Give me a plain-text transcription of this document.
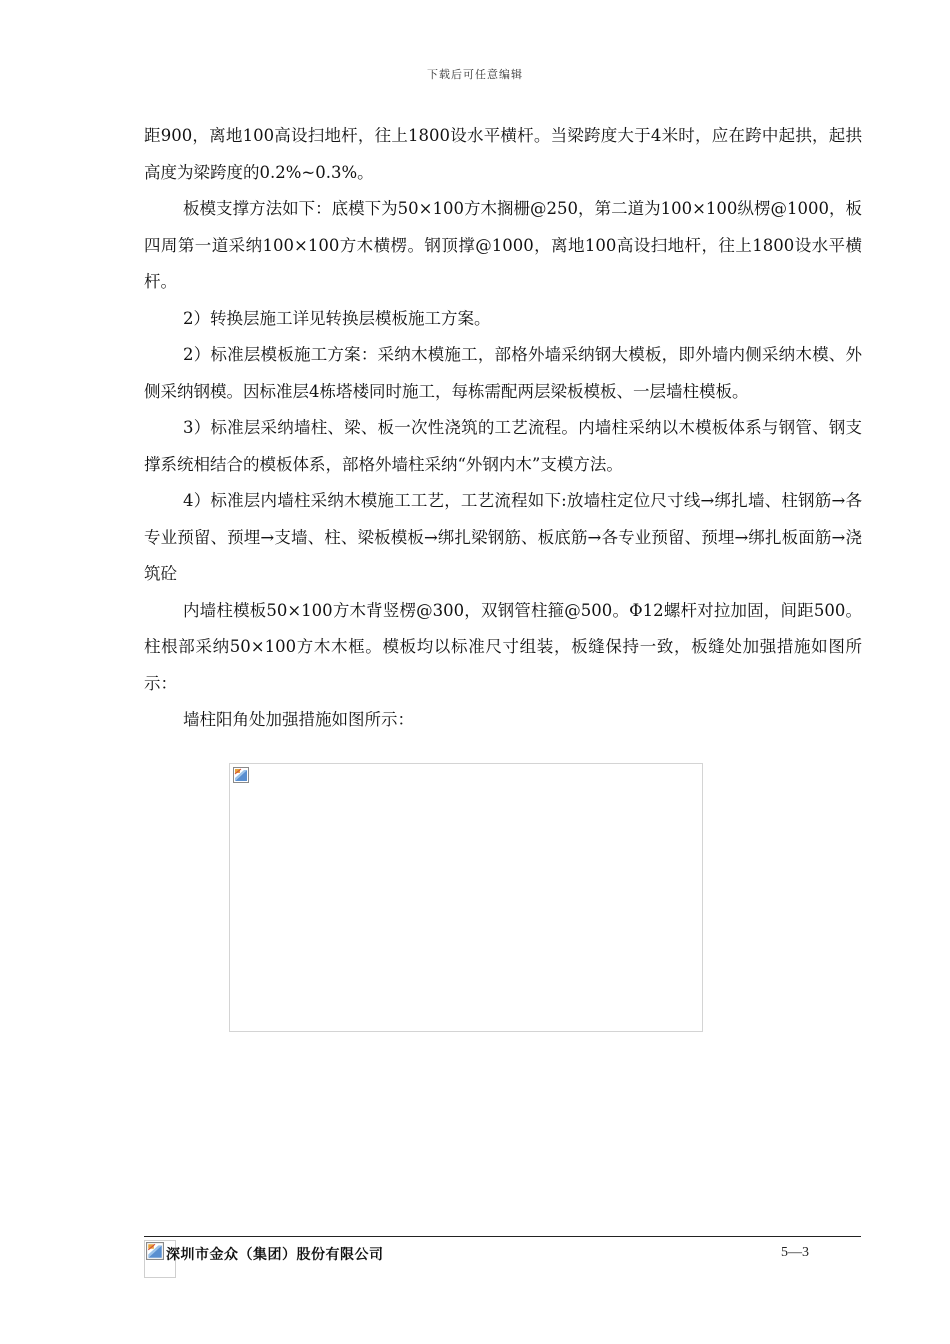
下载后可任意编辑

距900，离地100高设扫地杆，往上1800设水平横杆。当梁跨度大于4米时，应在跨中起拱，起拱高度为梁跨度的0.2%~0.3%。

板模支撑方法如下：底模下为50×100方木搁栅@250，第二道为100×100纵楞@1000，板四周第一道采纳100×100方木横楞。钢顶撑@1000，离地100高设扫地杆，往上1800设水平横杆。

2）转换层施工详见转换层模板施工方案。

2）标准层模板施工方案：采纳木模施工，部格外墙采纳钢大模板，即外墙内侧采纳木模、外侧采纳钢模。因标准层4栋塔楼同时施工，每栋需配两层梁板模板、一层墙柱模板。

3）标准层采纳墙柱、梁、板一次性浇筑的工艺流程。内墙柱采纳以木模板体系与钢管、钢支撑系统相结合的模板体系，部格外墙柱采纳“外钢内木”支模方法。

4）标准层内墙柱采纳木模施工工艺，工艺流程如下:放墙柱定位尺寸线→绑扎墙、柱钢筋→各专业预留、预埋→支墙、柱、梁板模板→绑扎梁钢筋、板底筋→各专业预留、预埋→绑扎板面筋→浇筑砼

内墙柱模板50×100方木背竖楞@300，双钢管柱箍@500。Φ12螺杆对拉加固，间距500。柱根部采纳50×100方木木框。模板均以标准尺寸组装，板缝保持一致，板缝处加强措施如图所示：

墙柱阳角处加强措施如图所示：

深圳市金众（集团）股份有限公司	5—3
